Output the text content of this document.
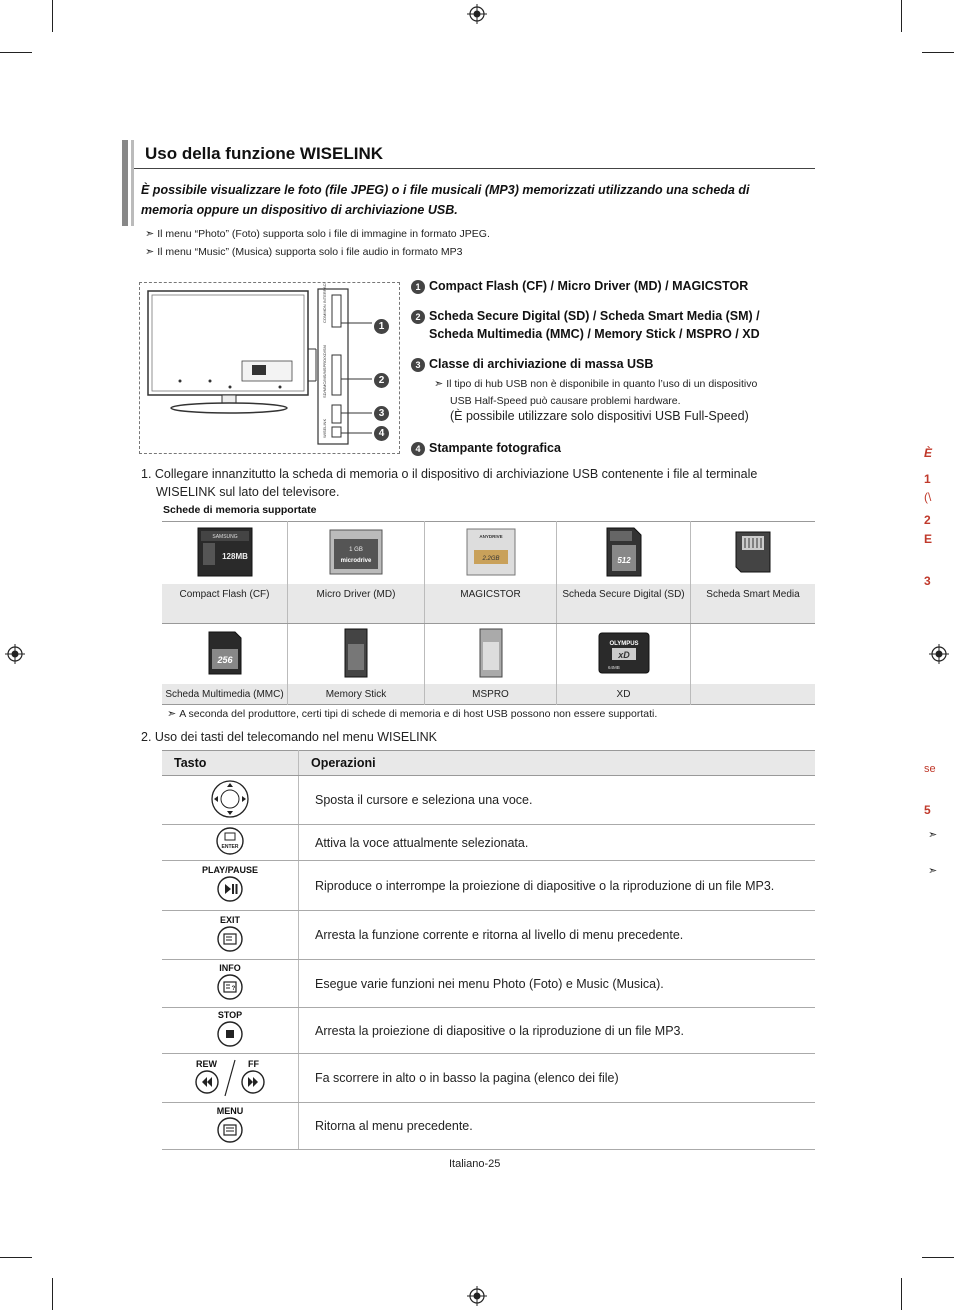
Uso della funzione WISELINK
È possibile visualizzare le foto (file JPEG) o i file musicali (MP3) memorizzati utilizzando una scheda di memoria oppure un dispositivo di archiviazione USB.
➣ Il menu “Photo” (Foto) supporta solo i file di immagine in formato JPEG.
➣ Il menu “Music” (Musica) supporta solo i file audio in formato MP3
COMMON INTERFACE
SD/MMC/MS/MSPRO/XD/SM
WISELINK
1
2
3
4
1 Compact Flash (CF) / Micro Driver (MD) / MAGICSTOR
2 Scheda Secure Digital (SD) / Scheda Smart Media (SM) /
Scheda Multimedia (MMC) / Memory Stick / MSPRO / XD
3 Classe di archiviazione di massa USB
➣ Il tipo di hub USB non è disponibile in quanto l’uso di un dispositivo
USB Half-Speed può causare problemi hardware.
(È possibile utilizzare solo dispositivi USB Full-Speed)
4 Stampante fotografica
1. Collegare innanzitutto la scheda di memoria o il dispositivo di archiviazione USB contenente i file al terminale
WISELINK sul lato del televisore.
Schede di memoria supportate
SAMSUNG
128MB	1 GB
microdrive	ANYDRIVE
2.2GB	512

Compact Flash (CF)	Micro Driver (MD)	MAGICSTOR	Scheda Secure Digital (SD)	Scheda Smart Media

256			OLYMPUS
xD
64MB	

Scheda Multimedia (MMC)	Memory Stick	MSPRO	XD	
➣ A seconda del produttore, certi tipi di schede di memoria e di host USB possono non essere supportati.
2. Uso dei tasti del telecomando nel menu WISELINK
Tasto	Operazioni
	Sposta il cursore e seleziona una voce.

ENTER	Attiva la voce attualmente selezionata.

PLAY/PAUSE	Riproduce o interrompe la proiezione di diapositive o la riproduzione di un file MP3.

EXIT	Arresta la funzione corrente e ritorna al livello di menu precedente.

INFO
?	Esegue varie funzioni nei menu Photo (Foto) e Music (Musica).

STOP	Arresta la proiezione di diapositive o la riproduzione di un file MP3.

REW
FF	Fa scorrere in alto o in basso la pagina (elenco dei file)

MENU	Ritorna al menu precedente.
Italiano-25
È
1
(\
2
E
3
se
5
➣
➣
